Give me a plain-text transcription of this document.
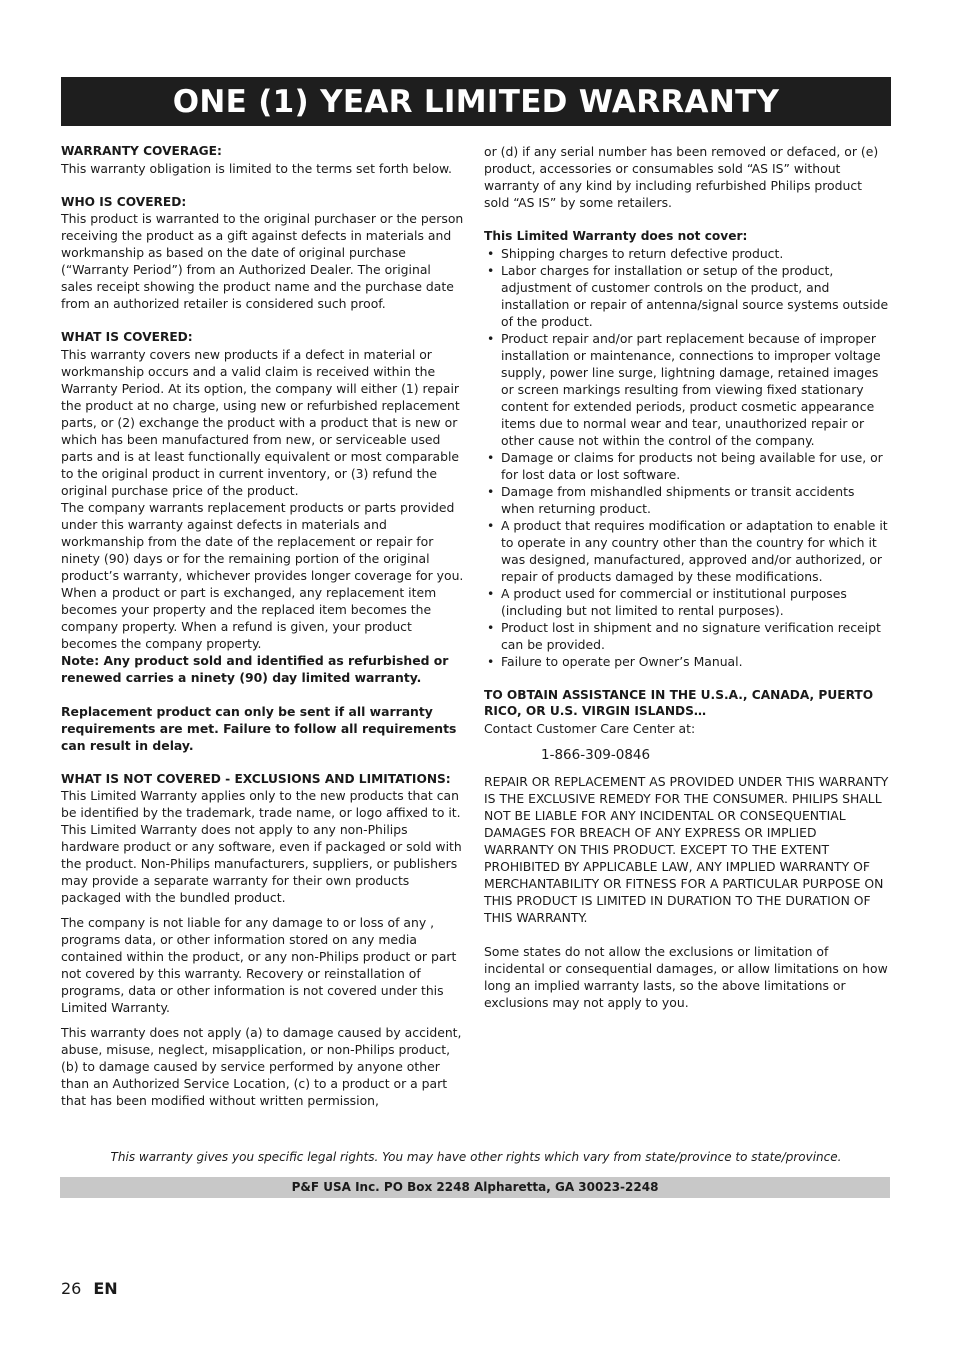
ONE (1) YEAR LIMITED WARRANTY

WARRANTY COVERAGE:

This warranty obligation is limited to the terms set forth below.

WHO IS COVERED:

This product is warranted to the original purchaser or the person receiving the product as a gift against defects in materials and workmanship as based on the date of original purchase (“Warranty Period”) from an Authorized Dealer. The original sales receipt showing the product name and the purchase date from an authorized retailer is considered such proof.

WHAT IS COVERED:

This warranty covers new products if a defect in material or workmanship occurs and a valid claim is received within the Warranty Period. At its option, the company will either (1) repair the product at no charge, using new or refurbished replacement parts, or (2) exchange the product with a product that is new or which has been manufactured from new, or serviceable used parts and is at least functionally equivalent or most comparable to the original product in current inventory, or (3) refund the original purchase price of the product.

The company warrants replacement products or parts provided under this warranty against defects in materials and workmanship from the date of the replacement or repair for ninety (90) days or for the remaining portion of the original product’s warranty, whichever provides longer coverage for you. When a product or part is exchanged, any replacement item becomes your property and the replaced item becomes the company property. When a refund is given, your product becomes the company property.

Note: Any product sold and identified as refurbished or renewed carries a ninety (90) day limited warranty.

Replacement product can only be sent if all warranty requirements are met. Failure to follow all requirements can result in delay.

WHAT IS NOT COVERED - EXCLUSIONS AND LIMITATIONS:

This Limited Warranty applies only to the new products that can be identified by the trademark, trade name, or logo affixed to it. This Limited Warranty does not apply to any non-Philips hardware product or any software, even if packaged or sold with the product. Non-Philips manufacturers, suppliers, or publishers may provide a separate warranty for their own products packaged with the bundled product.

The company is not liable for any damage to or loss of any , programs data, or other information stored on any media contained within the product, or any non-Philips product or part not covered by this warranty. Recovery or reinstallation of programs, data or other information is not covered under this Limited Warranty.

This warranty does not apply (a) to damage caused by accident, abuse, misuse, neglect, misapplication, or non-Philips product, (b) to damage caused by service performed by anyone other than an Authorized Service Location, (c) to a product or a part that has been modified without written permission,

or (d) if any serial number has been removed or defaced, or (e) product, accessories or consumables sold “AS IS” without warranty of any kind by including refurbished Philips product sold “AS IS” by some retailers.

This Limited Warranty does not cover:

• Shipping charges to return defective product.
• Labor charges for installation or setup of the product, adjustment of customer controls on the product, and installation or repair of antenna/signal source systems outside of the product.
• Product repair and/or part replacement because of improper installation or maintenance, connections to improper voltage supply, power line surge, lightning damage, retained images or screen markings resulting from viewing fixed stationary content for extended periods, product cosmetic appearance items due to normal wear and tear, unauthorized repair or other cause not within the control of the company.
• Damage or claims for products not being available for use, or for lost data or lost software.
• Damage from mishandled shipments or transit accidents when returning product.
• A product that requires modification or adaptation to enable it to operate in any country other than the country for which it was designed, manufactured, approved and/or authorized, or repair of products damaged by these modifications.
• A product used for commercial or institutional purposes (including but not limited to rental purposes).
• Product lost in shipment and no signature verification receipt can be provided.
• Failure to operate per Owner’s Manual.

TO OBTAIN ASSISTANCE IN THE U.S.A., CANADA, PUERTO RICO, OR U.S. VIRGIN ISLANDS…

Contact Customer Care Center at:

1-866-309-0846

REPAIR OR REPLACEMENT AS PROVIDED UNDER THIS WARRANTY IS THE EXCLUSIVE REMEDY FOR THE CONSUMER. PHILIPS SHALL NOT BE LIABLE FOR ANY INCIDENTAL OR CONSEQUENTIAL DAMAGES FOR BREACH OF ANY EXPRESS OR IMPLIED WARRANTY ON THIS PRODUCT. EXCEPT TO THE EXTENT PROHIBITED BY APPLICABLE LAW, ANY IMPLIED WARRANTY OF MERCHANTABILITY OR FITNESS FOR A PARTICULAR PURPOSE ON THIS PRODUCT IS LIMITED IN DURATION TO THE DURATION OF THIS WARRANTY.

Some states do not allow the exclusions or limitation of incidental or consequential damages, or allow limitations on how long an implied warranty lasts, so the above limitations or exclusions may not apply to you.

This warranty gives you specific legal rights. You may have other rights which vary from state/province to state/province.
P&F USA Inc. PO Box 2248 Alpharetta, GA 30023-2248
26 EN
